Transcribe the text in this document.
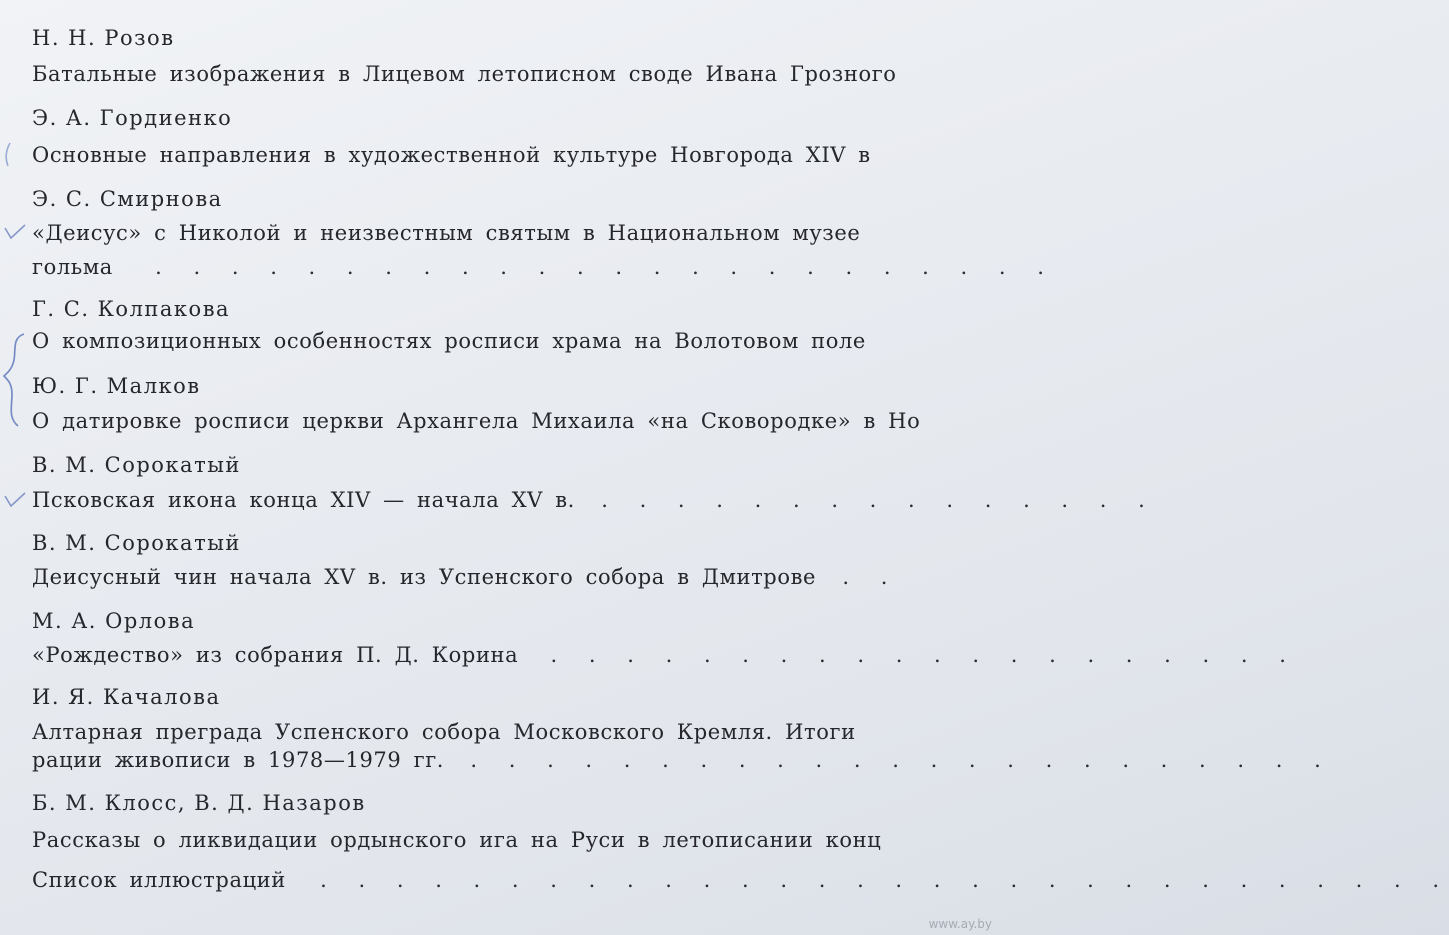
Н. Н. Розов
Батальные изображения в Лицевом летописном своде Ивана Грозного
Э. А. Гордиенко
Основные направления в художественной культуре Новгорода XIV в
Э. С. Смирнова
«Деисус» с Николой и неизвестным святым в Национальном музее
гольма . . . . . . . . . . . . . . . . . . . . . . . .
Г. С. Колпакова
О композиционных особенностях росписи храма на Волотовом поле
Ю. Г. Малков
О датировке росписи церкви Архангела Михаила «на Сковородке» в Но
В. М. Сорокатый
Псковская икона конца XIV — начала XV в. . . . . . . . . . . . . . . .
В. М. Сорокатый
Деисусный чин начала XV в. из Успенского собора в Дмитрове . .
М. А. Орлова
«Рождество» из собрания П. Д. Корина . . . . . . . . . . . . . . . . . . . .
И. Я. Качалова
Алтарная преграда Успенского собора Московского Кремля. Итоги
рации живописи в 1978—1979 гг. . . . . . . . . . . . . . . . . . . . . . . .
Б. М. Клосс, В. Д. Назаров
Рассказы о ликвидации ордынского ига на Руси в летописании конц
Список иллюстраций . . . . . . . . . . . . . . . . . . . . . . . . . . . . . .
www.ay.by
